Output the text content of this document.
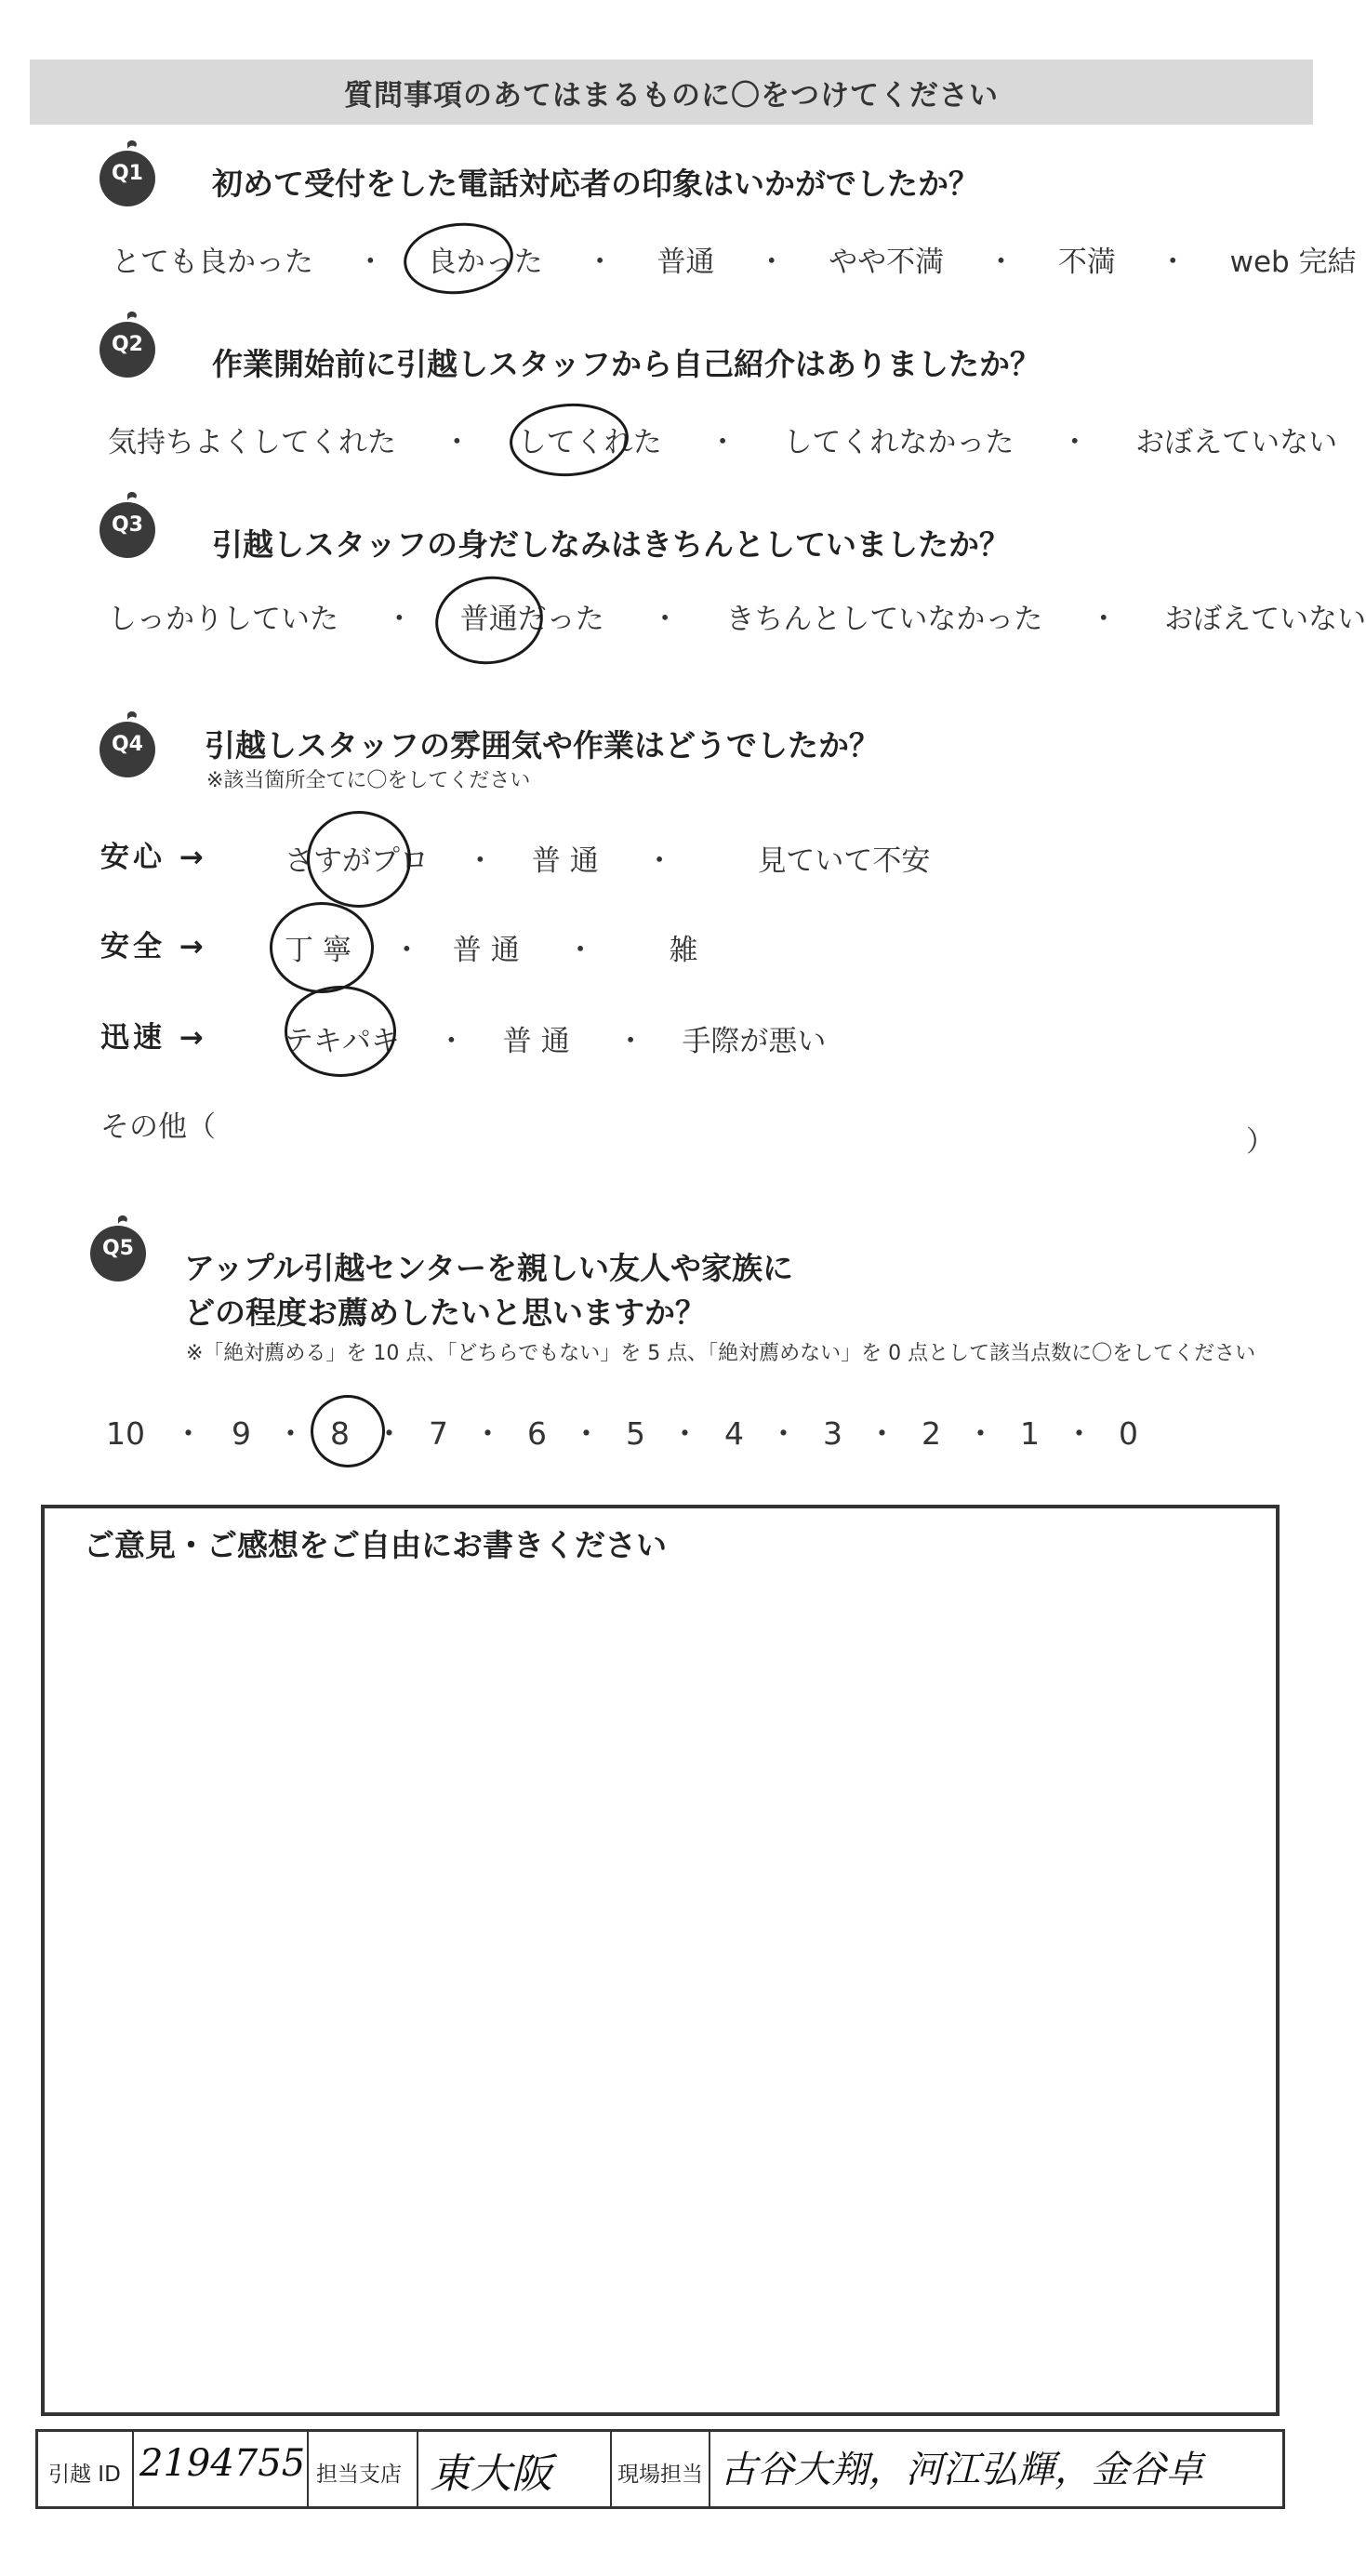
質問事項のあてはまるものに〇をつけてください
Q1	初めて受付をした電話対応者の印象はいかがでしたか？
とても良かった ・ 良かった ・ 普通 ・ やや不満 ・ 不満 ・ web 完結
Q2
作業開始前に引越しスタッフから自己紹介はありましたか？
気持ちよくしてくれた ・ してくれた ・ してくれなかった ・ おぼえていない
Q3
引越しスタッフの身だしなみはきちんとしていましたか？
しっかりしていた ・ 普通だった ・ きちんとしていなかった ・ おぼえていない
Q4	引越しスタッフの雰囲気や作業はどうでしたか？
※該当箇所全てに〇をしてください
安心 →	さすがプロ ・ 普通 ・	見ていて不安
安全 →	丁寧 ・ 普通 ・	雑
迅速 →	テキパキ ・ 普通 ・ 手際が悪い
その他（	）
Q5
アップル引越センターを親しい友人や家族に
どの程度お薦めしたいと思いますか？
※「絶対薦める」を 10 点、「どちらでもない」を 5 点、「絶対薦めない」を 0 点として該当点数に〇をしてください
10 ・ 9 ・ 8 ・ 7 ・ 6 ・ 5 ・ 4 ・ 3 ・ 2 ・ 1 ・ 0
ご意見・ご感想をご自由にお書きください
引越 ID 2194755 担当支店 東大阪	現場担当 古谷大翔，河江弘輝，金谷卓
